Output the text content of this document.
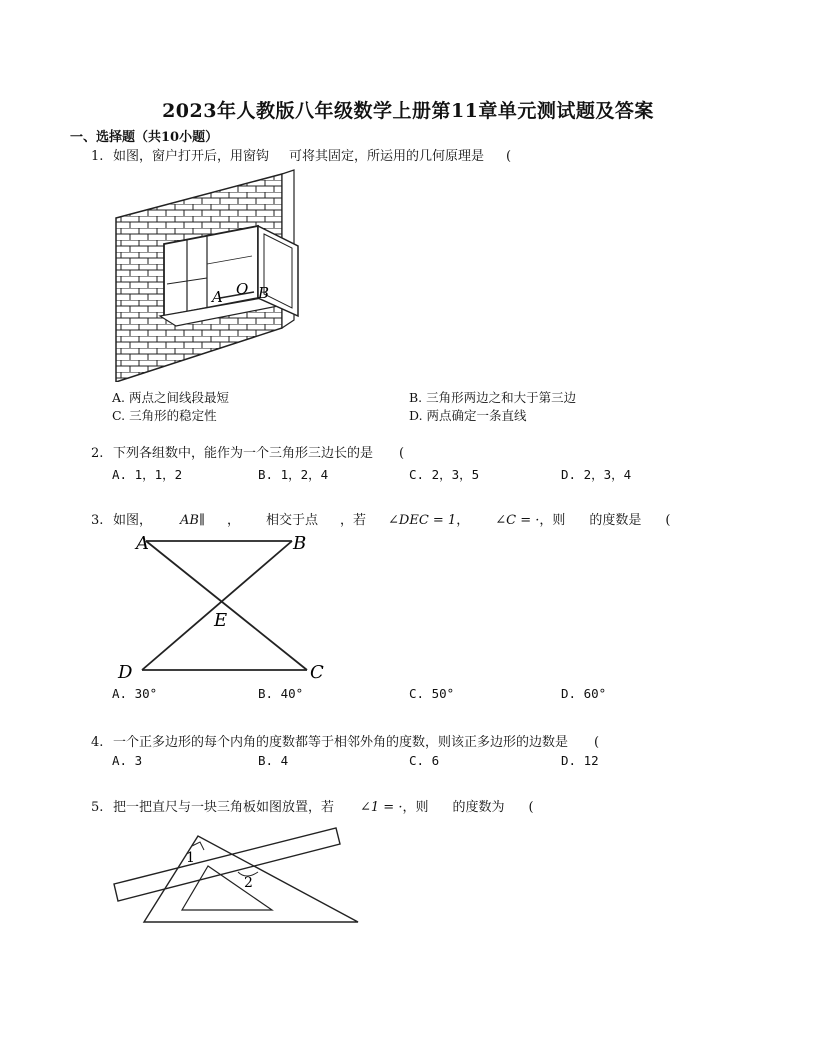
2023年人教版八年级数学上册第11章单元测试题及答案
一、选择题（共10小题）
1. 如图，窗户打开后，用窗钩 可将其固定，所运用的几何原理是 (
A O B
A. 两点之间线段最短	B. 三角形两边之和大于第三边
C. 三角形的稳定性	D. 两点确定一条直线
2. 下列各组数中，能作为一个三角形三边长的是 (
A. 1，1，2	B. 1，2，4	C. 2，3，5	D. 2，3，4
3. 如图， AB∥ ， 相交于点 ，若 ∠DEC = 1， ∠C = ·，则 的度数是 (
A	B
E
D	C
A. 30°	B. 40°	C. 50°	D. 60°
4. 一个正多边形的每个内角的度数都等于相邻外角的度数，则该正多边形的边数是 (
A. 3	B. 4	C. 6	D. 12
5. 把一把直尺与一块三角板如图放置，若 ∠1 = ·，则 的度数为 (
1
2
